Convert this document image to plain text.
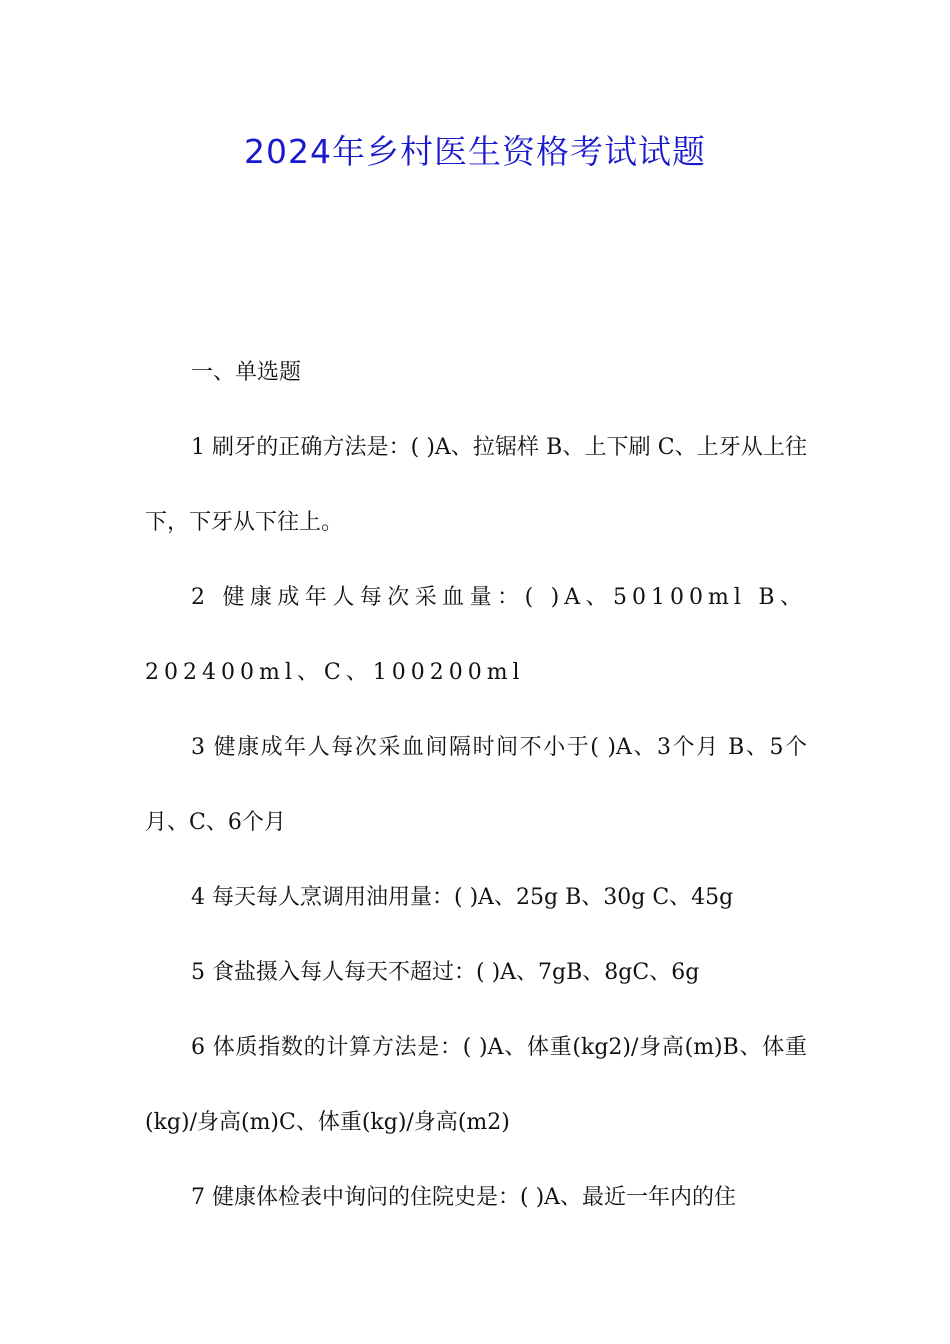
2024年乡村医生资格考试试题

一、单选题

1 刷牙的正确方法是：( )A、拉锯样 B、上下刷 C、上牙从上往下，下牙从下往上。

2 健康成年人每次采血量：( )A、50100ml B、202400ml、C、100200ml

3 健康成年人每次采血间隔时间不小于( )A、3个月 B、5个月、C、6个月

4 每天每人烹调用油用量：( )A、25g B、30g C、45g

5 食盐摄入每人每天不超过：( )A、7gB、8gC、6g

6 体质指数的计算方法是：( )A、体重(kg2)/身高(m)B、体重(kg)/身高(m)C、体重(kg)/身高(m2)

7 健康体检表中询问的住院史是：( )A、最近一年内的住
